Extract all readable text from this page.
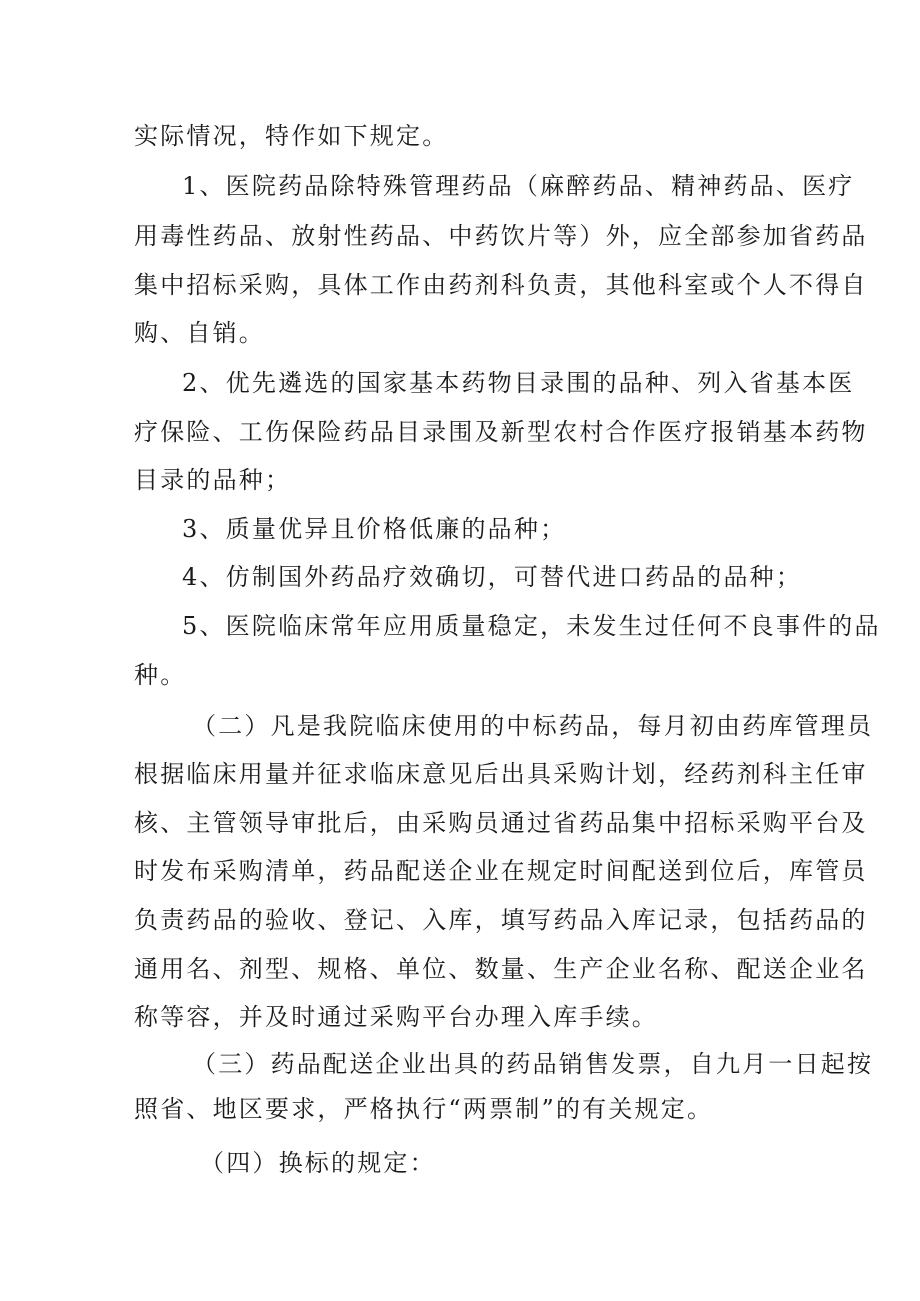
实际情况，特作如下规定。
1、医院药品除特殊管理药品（麻醉药品、精神药品、医疗
用毒性药品、放射性药品、中药饮片等）外，应全部参加省药品
集中招标采购，具体工作由药剂科负责，其他科室或个人不得自
购、自销。
2、优先遴选的国家基本药物目录围的品种、列入省基本医
疗保险、工伤保险药品目录围及新型农村合作医疗报销基本药物
目录的品种；
3、质量优异且价格低廉的品种；
4、仿制国外药品疗效确切，可替代进口药品的品种；
5、医院临床常年应用质量稳定，未发生过任何不良事件的品
种。
（二）凡是我院临床使用的中标药品，每月初由药库管理员
根据临床用量并征求临床意见后出具采购计划，经药剂科主任审
核、主管领导审批后，由采购员通过省药品集中招标采购平台及
时发布采购清单，药品配送企业在规定时间配送到位后，库管员
负责药品的验收、登记、入库，填写药品入库记录，包括药品的
通用名、剂型、规格、单位、数量、生产企业名称、配送企业名
称等容，并及时通过采购平台办理入库手续。
（三）药品配送企业出具的药品销售发票，自九月一日起按
照省、地区要求，严格执行“两票制”的有关规定。
（四）换标的规定：
